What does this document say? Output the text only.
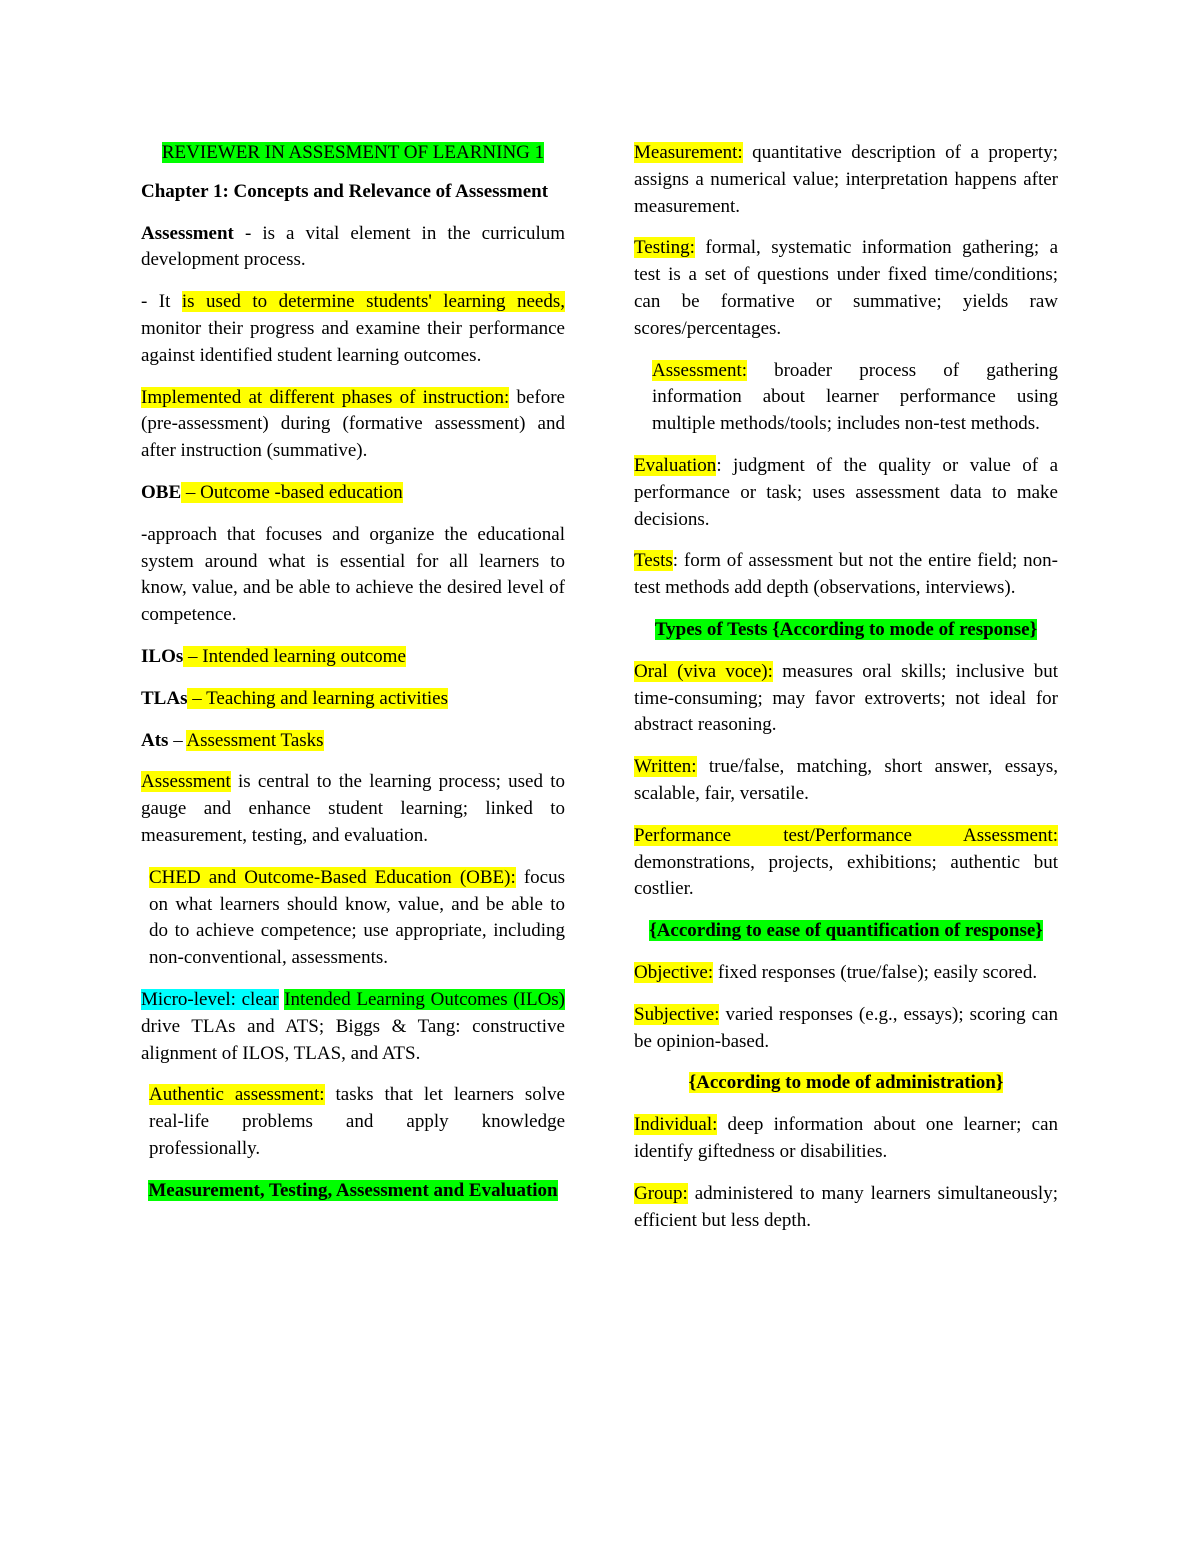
REVIEWER IN ASSESMENT OF LEARNING 1

Chapter 1: Concepts and Relevance of Assessment

Assessment - is a vital element in the curriculum development process.

- It is used to determine students' learning needs, monitor their progress and examine their performance against identified student learning outcomes.

Implemented at different phases of instruction: before (pre-assessment) during (formative assessment) and after instruction (summative).

OBE – Outcome -based education

-approach that focuses and organize the educational system around what is essential for all learners to know, value, and be able to achieve the desired level of competence.

ILOs – Intended learning outcome

TLAs – Teaching and learning activities

Ats – Assessment Tasks

Assessment is central to the learning process; used to gauge and enhance student learning; linked to measurement, testing, and evaluation.

CHED and Outcome-Based Education (OBE): focus on what learners should know, value, and be able to do to achieve competence; use appropriate, including non-conventional, assessments.

Micro-level: clear Intended Learning Outcomes (ILOs) drive TLAs and ATS; Biggs & Tang: constructive alignment of ILOS, TLAS, and ATS.

Authentic assessment: tasks that let learners solve real-life problems and apply knowledge professionally.

Measurement, Testing, Assessment and Evaluation

Measurement: quantitative description of a property; assigns a numerical value; interpretation happens after measurement.

Testing: formal, systematic information gathering; a test is a set of questions under fixed time/conditions; can be formative or summative; yields raw scores/percentages.

Assessment: broader process of gathering information about learner performance using multiple methods/tools; includes non-test methods.

Evaluation: judgment of the quality or value of a performance or task; uses assessment data to make decisions.

Tests: form of assessment but not the entire field; non-test methods add depth (observations, interviews).

Types of Tests {According to mode of response}

Oral (viva voce): measures oral skills; inclusive but time-consuming; may favor extroverts; not ideal for abstract reasoning.

Written: true/false, matching, short answer, essays, scalable, fair, versatile.

Performance test/Performance Assessment: demonstrations, projects, exhibitions; authentic but costlier.

{According to ease of quantification of response}

Objective: fixed responses (true/false); easily scored.

Subjective: varied responses (e.g., essays); scoring can be opinion-based.

{According to mode of administration}

Individual: deep information about one learner; can identify giftedness or disabilities.

Group: administered to many learners simultaneously; efficient but less depth.
